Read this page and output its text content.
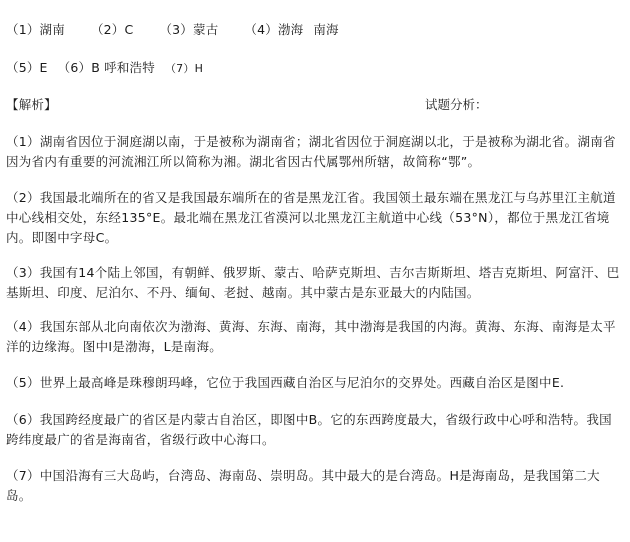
（1）湖南 （2）C （3）蒙古 （4）渤海 南海
（5）E （6）B 呼和浩特 （7）H
【解析】	试题分析：
（1）湖南省因位于洞庭湖以南，于是被称为湖南省；湖北省因位于洞庭湖以北，于是被称为湖北省。湖南省因为省内有重要的河流湘江所以简称为湘。湖北省因古代属鄂州所辖，故简称“鄂”。
（2）我国最北端所在的省又是我国最东端所在的省是黑龙江省。我国领土最东端在黑龙江与乌苏里江主航道中心线相交处，东经135°E。最北端在黑龙江省漠河以北黑龙江主航道中心线（53°N），都位于黑龙江省境内。即图中字母C。
（3）我国有14个陆上邻国，有朝鲜、俄罗斯、蒙古、哈萨克斯坦、吉尔吉斯斯坦、塔吉克斯坦、阿富汗、巴基斯坦、印度、尼泊尔、不丹、缅甸、老挝、越南。其中蒙古是东亚最大的内陆国。
（4）我国东部从北向南依次为渤海、黄海、东海、南海，其中渤海是我国的内海。黄海、东海、南海是太平洋的边缘海。图中I是渤海，L是南海。
（5）世界上最高峰是珠穆朗玛峰，它位于我国西藏自治区与尼泊尔的交界处。西藏自治区是图中E.
（6）我国跨经度最广的省区是内蒙古自治区，即图中B。它的东西跨度最大，省级行政中心呼和浩特。我国跨纬度最广的省是海南省，省级行政中心海口。
（7）中国沿海有三大岛屿，台湾岛、海南岛、崇明岛。其中最大的是台湾岛。H是海南岛，是我国第二大岛。
